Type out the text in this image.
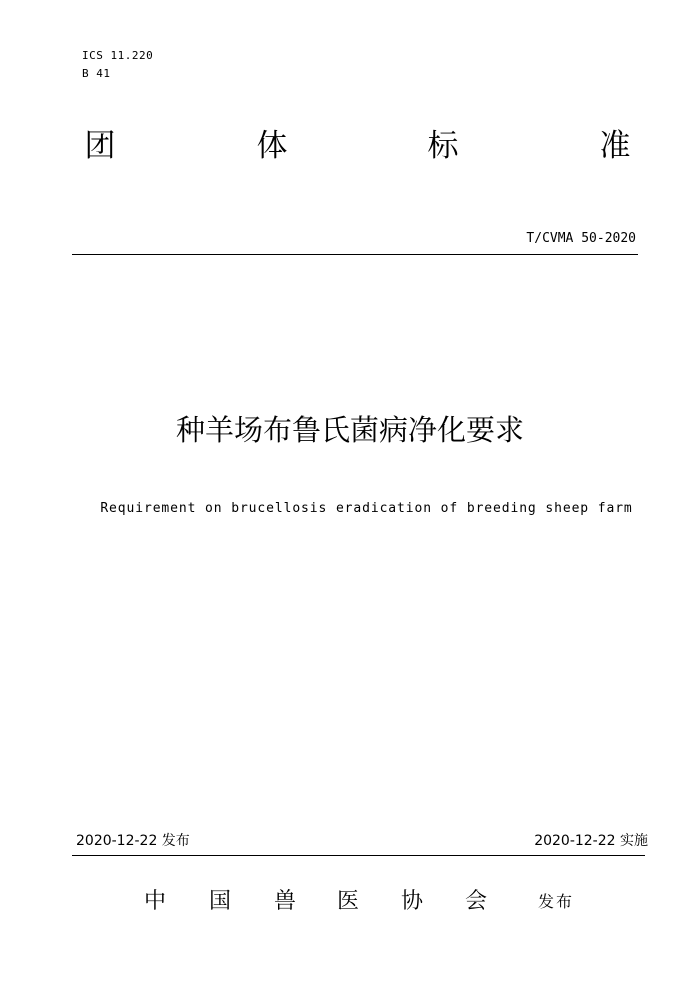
ICS 11.220
B 41
团	体	标	准
T/CVMA 50-2020
种羊场布鲁氏菌病净化要求
Requirement on brucellosis eradication of breeding sheep farm
2020-12-22 发布	2020-12-22 实施
中 国 兽 医 协 会	发布
